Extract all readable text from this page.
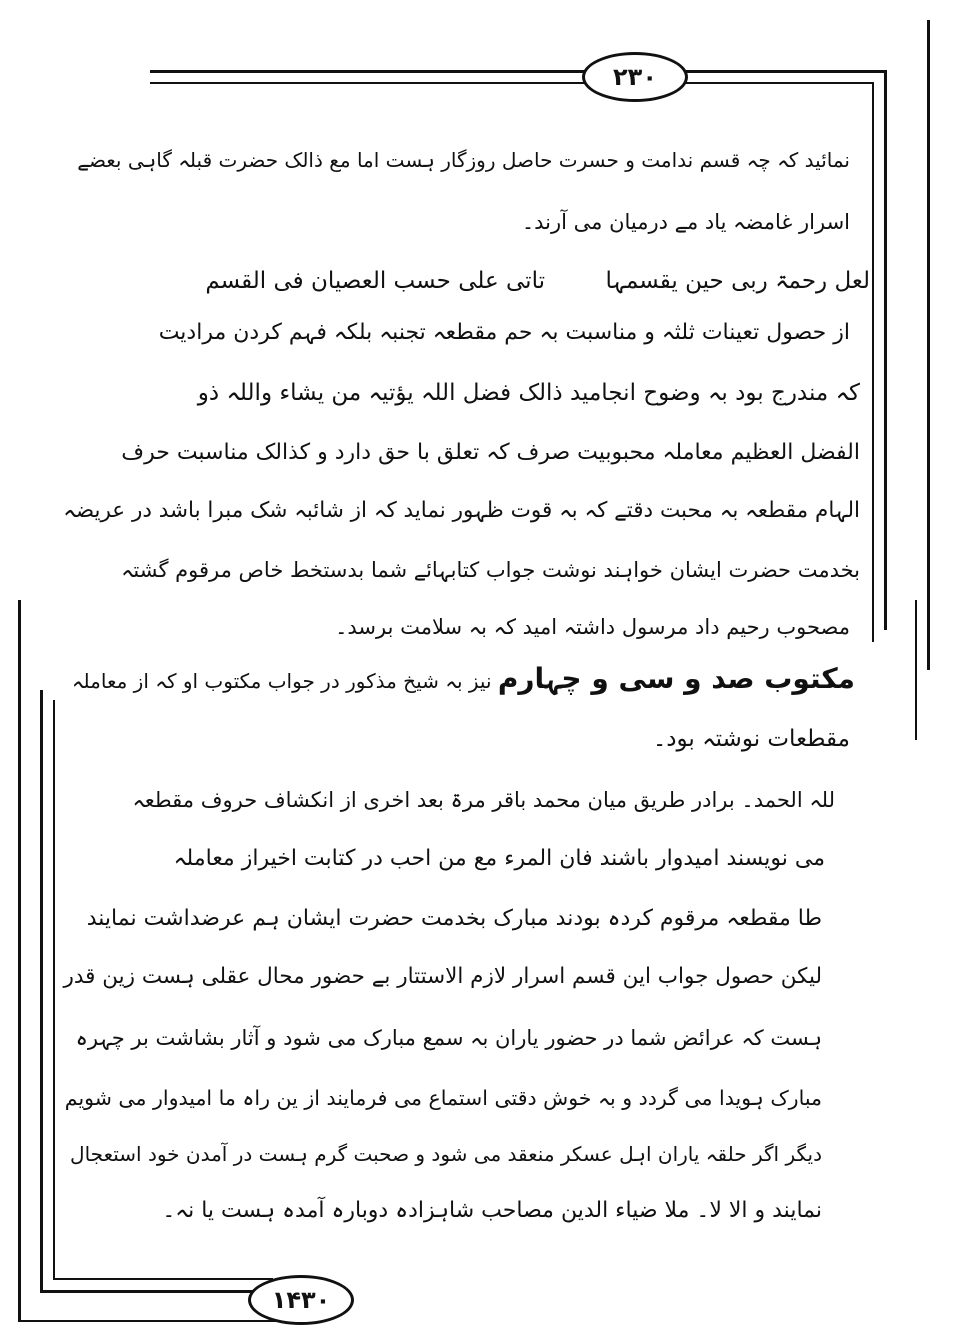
۲۳۰
۱۴۳۰
نمائید کہ چہ قسم ندامت و حسرت حاصل روزگار ہست اما مع ذالک حضرت قبلہ گاہی بعضے
اسرار غامضہ یاد مے درمیان می آرند۔
لعل رحمۃ ربی حین یقسمہا
تاتی علی حسب العصیان فی القسم
از حصول تعینات ثلثہ و مناسبت بہ حم مقطعہ تجنبہ بلکہ فہم کردن مرادیت
کہ مندرج بود بہ وضوح انجامید ذالک فضل اللہ یؤتیہ من یشاء واللہ ذو
الفضل العظیم معاملہ محبوبیت صرف کہ تعلق با حق دارد و کذالک مناسبت حرف
الہام مقطعہ بہ محبت دقتے کہ بہ قوت ظہور نماید کہ از شائبہ شک مبرا باشد در عریضہ
بخدمت حضرت ایشان خواہند نوشت جواب کتابہائے شما بدستخط خاص مرقوم گشتہ
مصحوب رحیم داد مرسول داشتہ امید کہ بہ سلامت برسد۔
مکتوب صد و سی و چہارم نیز بہ شیخ مذکور در جواب مکتوب او کہ از معاملہ
مقطعات نوشتہ بود۔
للہ الحمد۔ برادر طریق میان محمد باقر مرۃ بعد اخری از انکشاف حروف مقطعہ
می نویسند امیدوار باشند فان المرء مع من احب در کتابت اخیراز معاملہ
طا مقطعہ مرقوم کردہ بودند مبارک بخدمت حضرت ایشان ہم عرضداشت نمایند
لیکن حصول جواب این قسم اسرار لازم الاستتار بے حضور محال عقلی ہست زین قدر
ہست کہ عرائض شما در حضور یاران بہ سمع مبارک می شود و آثار بشاشت بر چہرہ
مبارک ہویدا می گردد و بہ خوش دقتی استماع می فرمایند از ین راہ ما امیدوار می شویم
دیگر اگر حلقہ یاران اہل عسکر منعقد می شود و صحبت گرم ہست در آمدن خود استعجال
نمایند و الا لا۔ ملا ضیاء الدین مصاحب شاہزادہ دوبارہ آمدہ ہست یا نہ۔
